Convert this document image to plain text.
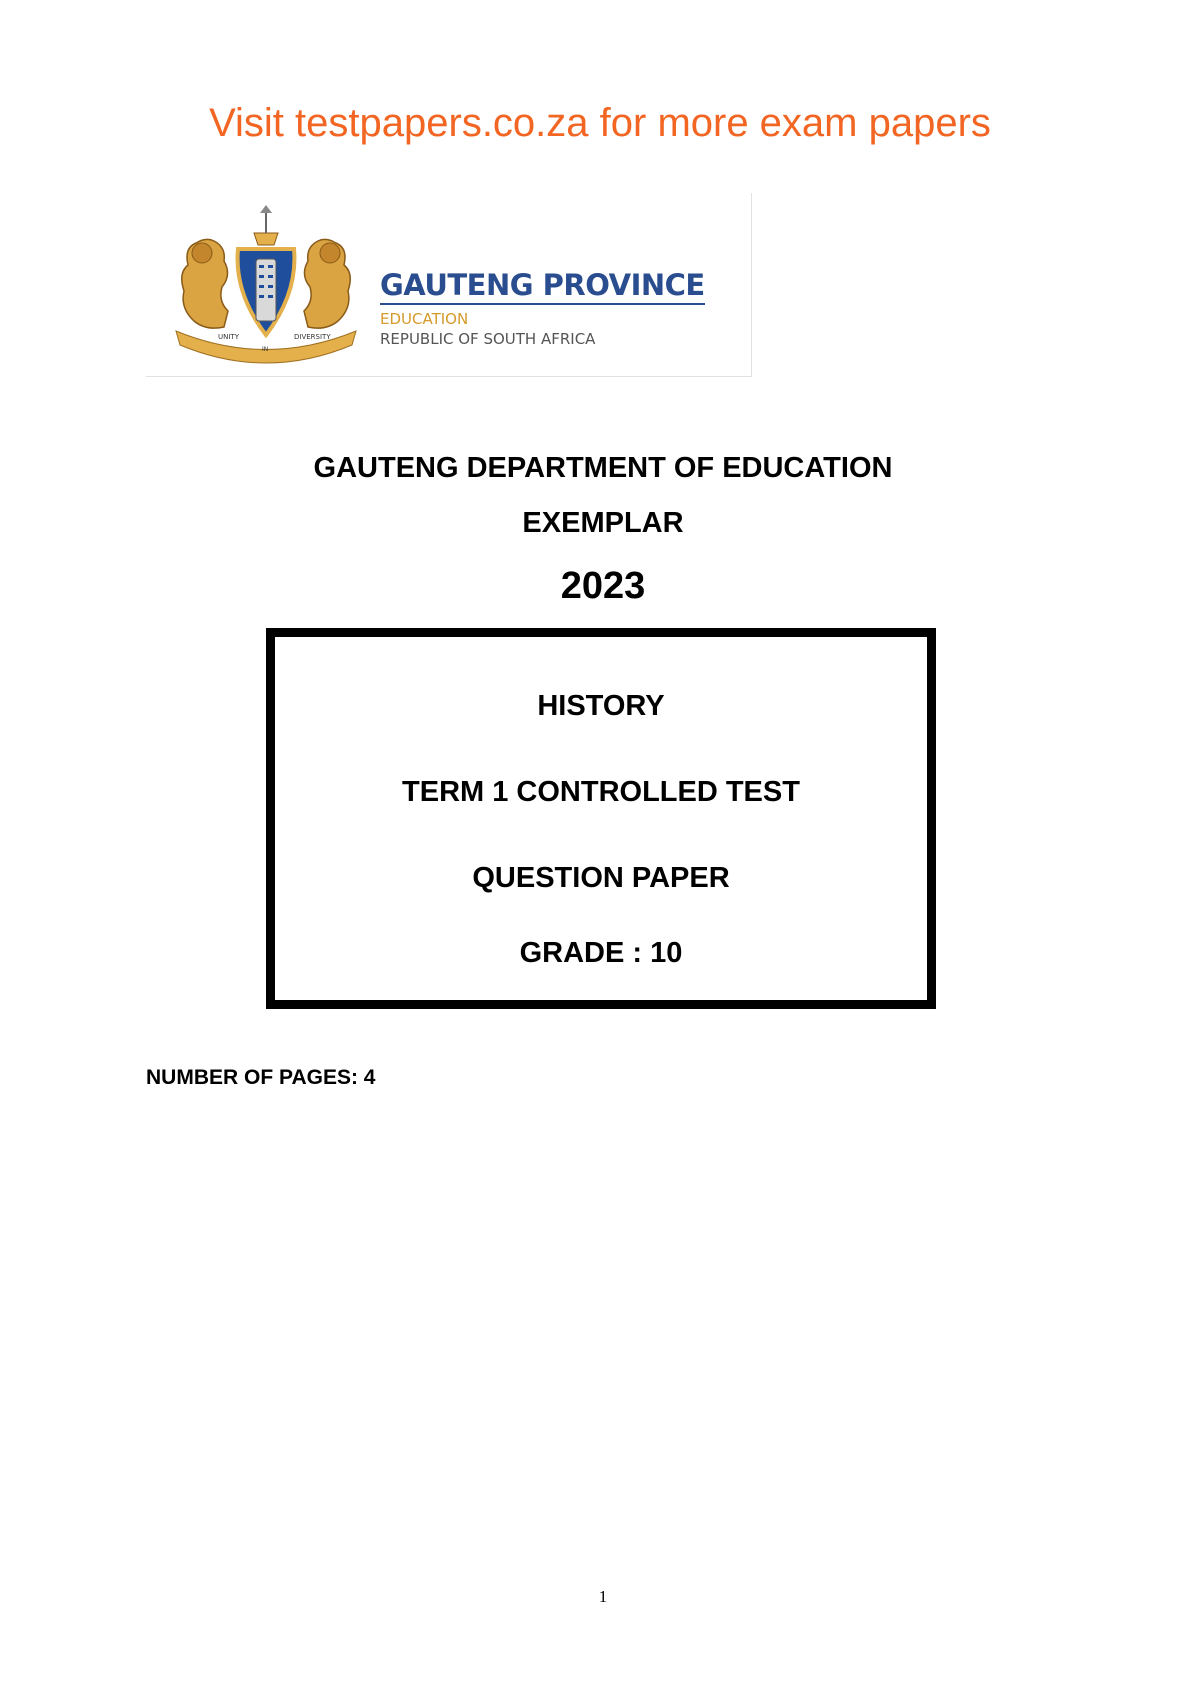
Visit testpapers.co.za for more exam papers
UNITY
IN
DIVERSITY
GAUTENG PROVINCE
EDUCATION
REPUBLIC OF SOUTH AFRICA
GAUTENG DEPARTMENT OF EDUCATION
EXEMPLAR
2023
HISTORY
TERM 1 CONTROLLED TEST
QUESTION PAPER
GRADE : 10
NUMBER OF PAGES: 4
1
